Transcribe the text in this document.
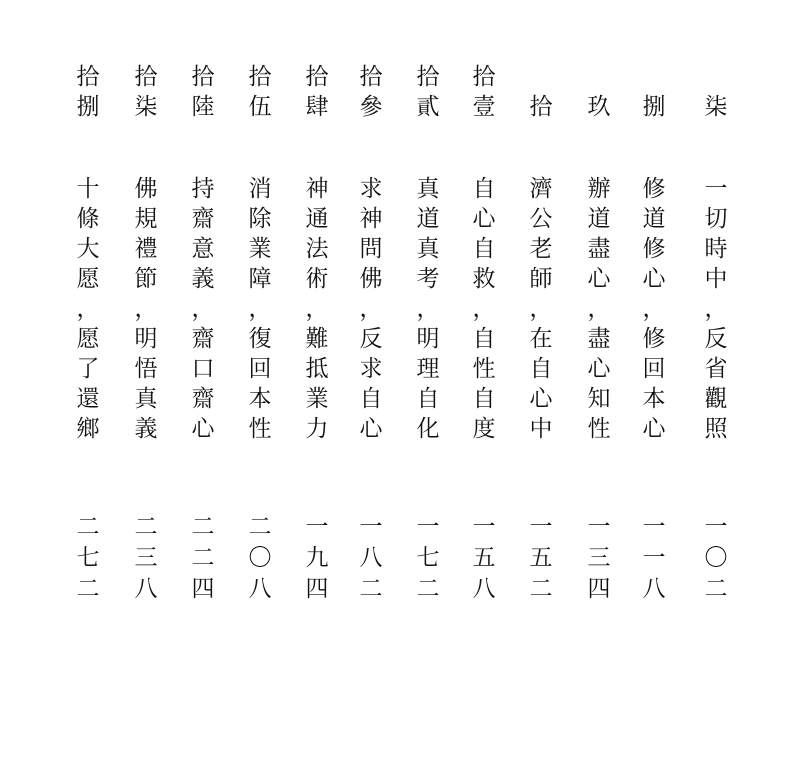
拾
捌
十
條
大
愿
，
愿
了
還
鄉
二
七
二
拾
柒
佛
規
禮
節
，
明
悟
真
義
二
三
八
拾
陸
持
齋
意
義
，
齋
口
齋
心
二
二
四
拾
伍
消
除
業
障
，
復
回
本
性
二
〇
八
拾
肆
神
通
法
術
，
難
抵
業
力
一
九
四
拾
參
求
神
問
佛
，
反
求
自
心
一
八
二
拾
貳
真
道
真
考
，
明
理
自
化
一
七
二
拾
壹
自
心
自
救
，
自
性
自
度
一
五
八
拾
濟
公
老
師
，
在
自
心
中
一
五
二
玖
辦
道
盡
心
，
盡
心
知
性
一
三
四
捌
修
道
修
心
，
修
回
本
心
一
一
八
柒
一
切
時
中
，
反
省
觀
照
一
〇
二
